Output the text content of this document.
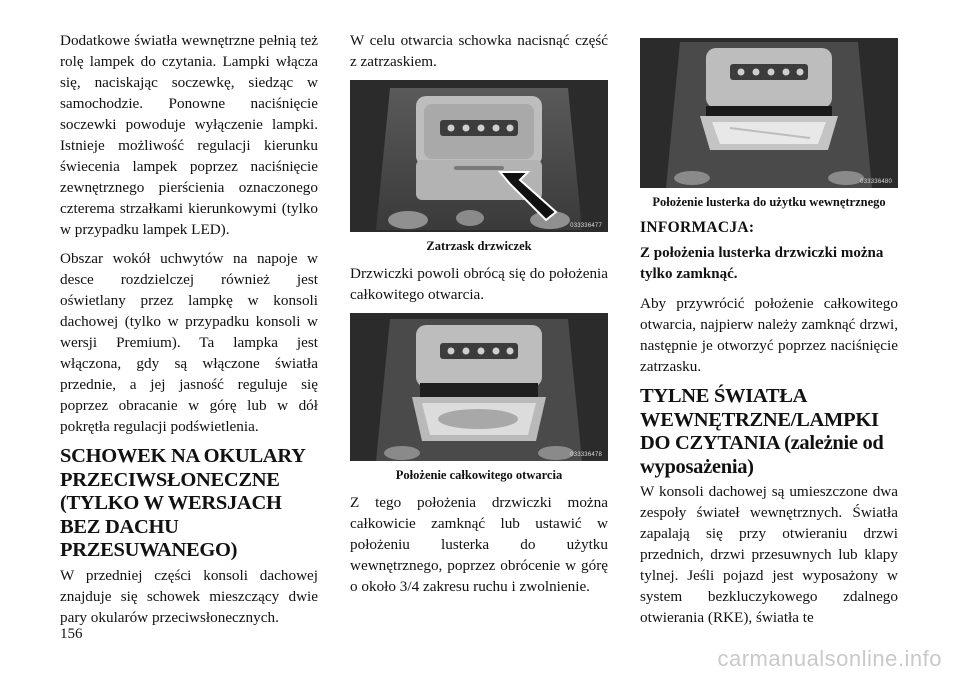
Dodatkowe światła wewnętrzne pełnią też rolę lampek do czytania. Lampki włącza się, naciskając soczewkę, siedząc w samochodzie. Ponowne naciśnięcie soczewki powoduje wyłączenie lampki. Istnieje możliwość regulacji kierunku świecenia lampek poprzez naciśnięcie zewnętrznego pierścienia oznaczonego czterema strzałkami kierunkowymi (tylko w przypadku lampek LED).

Obszar wokół uchwytów na napoje w desce rozdzielczej również jest oświetlany przez lampkę w konsoli dachowej (tylko w przypadku konsoli w wersji Premium). Ta lampka jest włączona, gdy są włączone światła przednie, a jej jasność reguluje się poprzez obracanie w górę lub w dół pokrętła regulacji podświetlenia.

SCHOWEK NA OKULARY PRZECIWSŁONECZNE (TYLKO W WERSJACH BEZ DACHU PRZESUWANEGO)

W przedniej części konsoli dachowej znajduje się schowek mieszczący dwie pary okularów przeciwsłonecznych.

W celu otwarcia schowka nacisnąć część z zatrzaskiem.

033336477
Zatrzask drzwiczek

Drzwiczki powoli obrócą się do położenia całkowitego otwarcia.

033336478
Położenie całkowitego otwarcia

Z tego położenia drzwiczki można całkowicie zamknąć lub ustawić w położeniu lusterka do użytku wewnętrznego, poprzez obrócenie w górę o około 3/4 zakresu ruchu i zwolnienie.

033336480
Położenie lusterka do użytku wewnętrznego
INFORMACJA:

Z położenia lusterka drzwiczki można tylko zamknąć.

Aby przywrócić położenie całkowitego otwarcia, najpierw należy zamknąć drzwi, następnie je otworzyć poprzez naciśnięcie zatrzasku.

TYLNE ŚWIATŁA WEWNĘTRZNE/LAMPKI DO CZYTANIA (zależnie od wyposażenia)

W konsoli dachowej są umieszczone dwa zespoły świateł wewnętrznych. Światła zapalają się przy otwieraniu drzwi przednich, drzwi przesuwnych lub klapy tylnej. Jeśli pojazd jest wyposażony w system bezkluczykowego zdalnego otwierania (RKE), światła te

156
carmanualsonline.info
